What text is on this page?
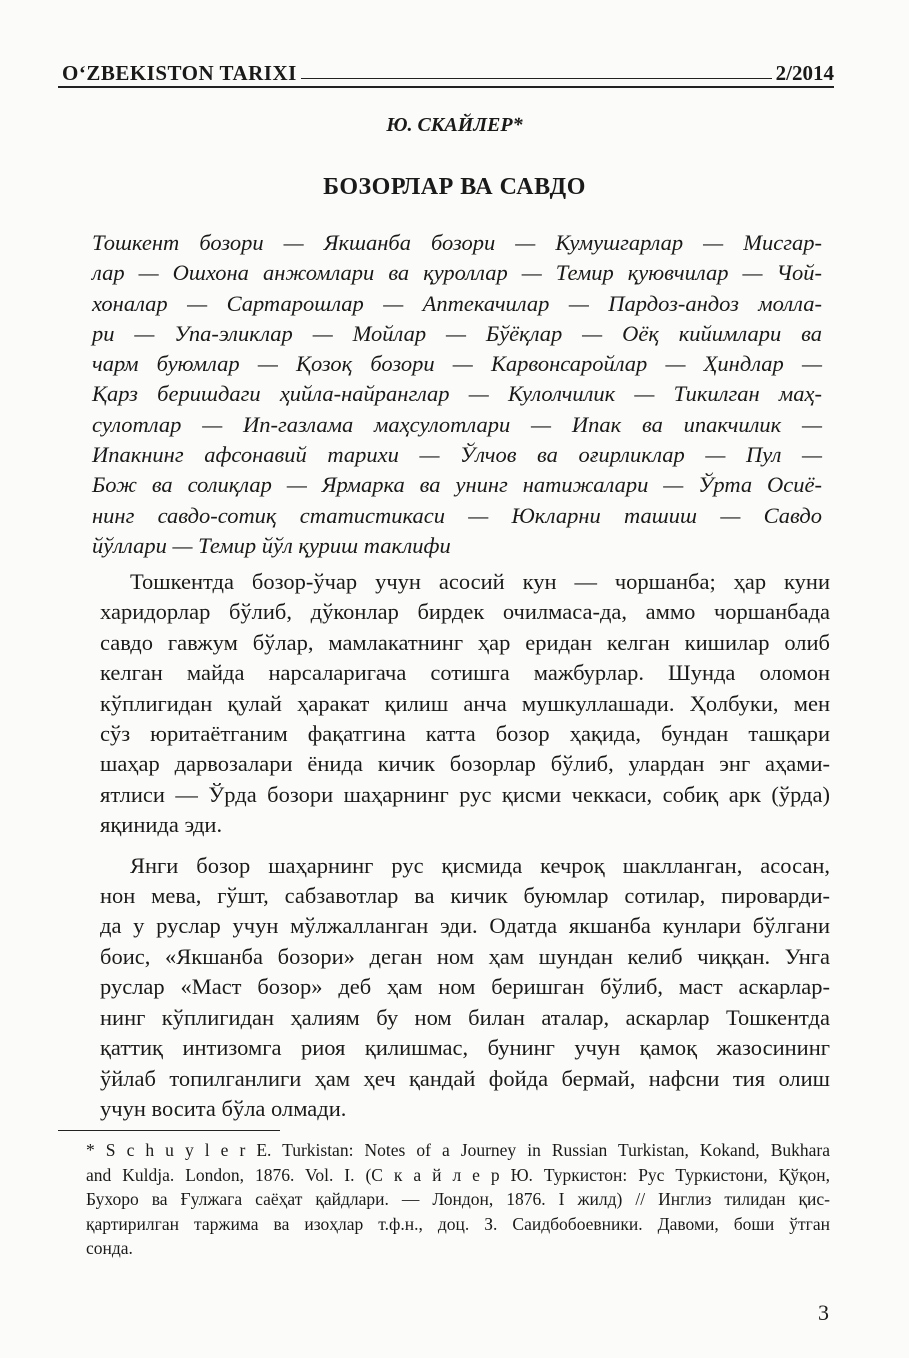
O‘ZBEKISTON TARIXI	2/2014
Ю. СКАЙЛЕР*
БОЗОРЛАР ВА САВДО
Тошкент бозори — Якшанба бозори — Кумушгарлар — Мисгар-
лар — Ошхона анжомлари ва қуроллар — Темир қуювчилар — Чой-
хоналар — Сартарошлар — Аптекачилар — Пардоз-андоз молла-
ри — Упа-эликлар — Мойлар — Бўёқлар — Оёқ кийимлари ва
чарм буюмлар — Қозоқ бозори — Карвонсаройлар — Ҳиндлар —
Қарз беришдаги ҳийла-найранглар — Кулолчилик — Тикилган маҳ-
сулотлар — Ип-газлама маҳсулотлари — Ипак ва ипакчилик —
Ипакнинг афсонавий тарихи — Ўлчов ва оғирликлар — Пул —
Бож ва солиқлар — Ярмарка ва унинг натижалари — Ўрта Осиё-
нинг савдо-сотиқ статистикаси — Юкларни ташиш — Савдо
йўллари — Темир йўл қуриш таклифи
Тошкентда бозор-ўчар учун асосий кун — чоршанба; ҳар куни
харидорлар бўлиб, дўконлар бирдек очилмаса-да, аммо чоршанбада
савдо гавжум бўлар, мамлакатнинг ҳар еридан келган кишилар олиб
келган майда нарсаларигача сотишга мажбурлар. Шунда оломон
кўплигидан қулай ҳаракат қилиш анча мушкуллашади. Ҳолбуки, мен
сўз юритаётганим фақатгина катта бозор ҳақида, бундан ташқари
шаҳар дарвозалари ёнида кичик бозорлар бўлиб, улардан энг аҳами-
ятлиси — Ўрда бозори шаҳарнинг рус қисми чеккаси, собиқ арк (ўрда)
яқинида эди.
Янги бозор шаҳарнинг рус қисмида кечроқ шаклланган, асосан,
нон мева, гўшт, сабзавотлар ва кичик буюмлар сотилар, пироварди-
да у руслар учун мўлжалланган эди. Одатда якшанба кунлари бўлгани
боис, «Якшанба бозори» деган ном ҳам шундан келиб чиққан. Унга
руслар «Маст бозор» деб ҳам ном беришган бўлиб, маст аскарлар-
нинг кўплигидан ҳалиям бу ном билан аталар, аскарлар Тошкентда
қаттиқ интизомга риоя қилишмас, бунинг учун қамоқ жазосининг
ўйлаб топилганлиги ҳам ҳеч қандай фойда бермай, нафсни тия олиш
учун восита бўла олмади.
* S c h u y l e r E. Turkistan: Notes of a Journey in Russian Turkistan, Kokand, Bukhara
and Kuldja. London, 1876. Vol. I. (С к а й л е р Ю. Туркистон: Рус Туркистони, Қўқон,
Бухоро ва Ғулжага саёҳат қайдлари. — Лондон, 1876. I жилд) // Инглиз тилидан қис-
қартирилган таржима ва изоҳлар т.ф.н., доц. З. Саидбобоевники. Давоми, боши ўтган
сонда.
3
